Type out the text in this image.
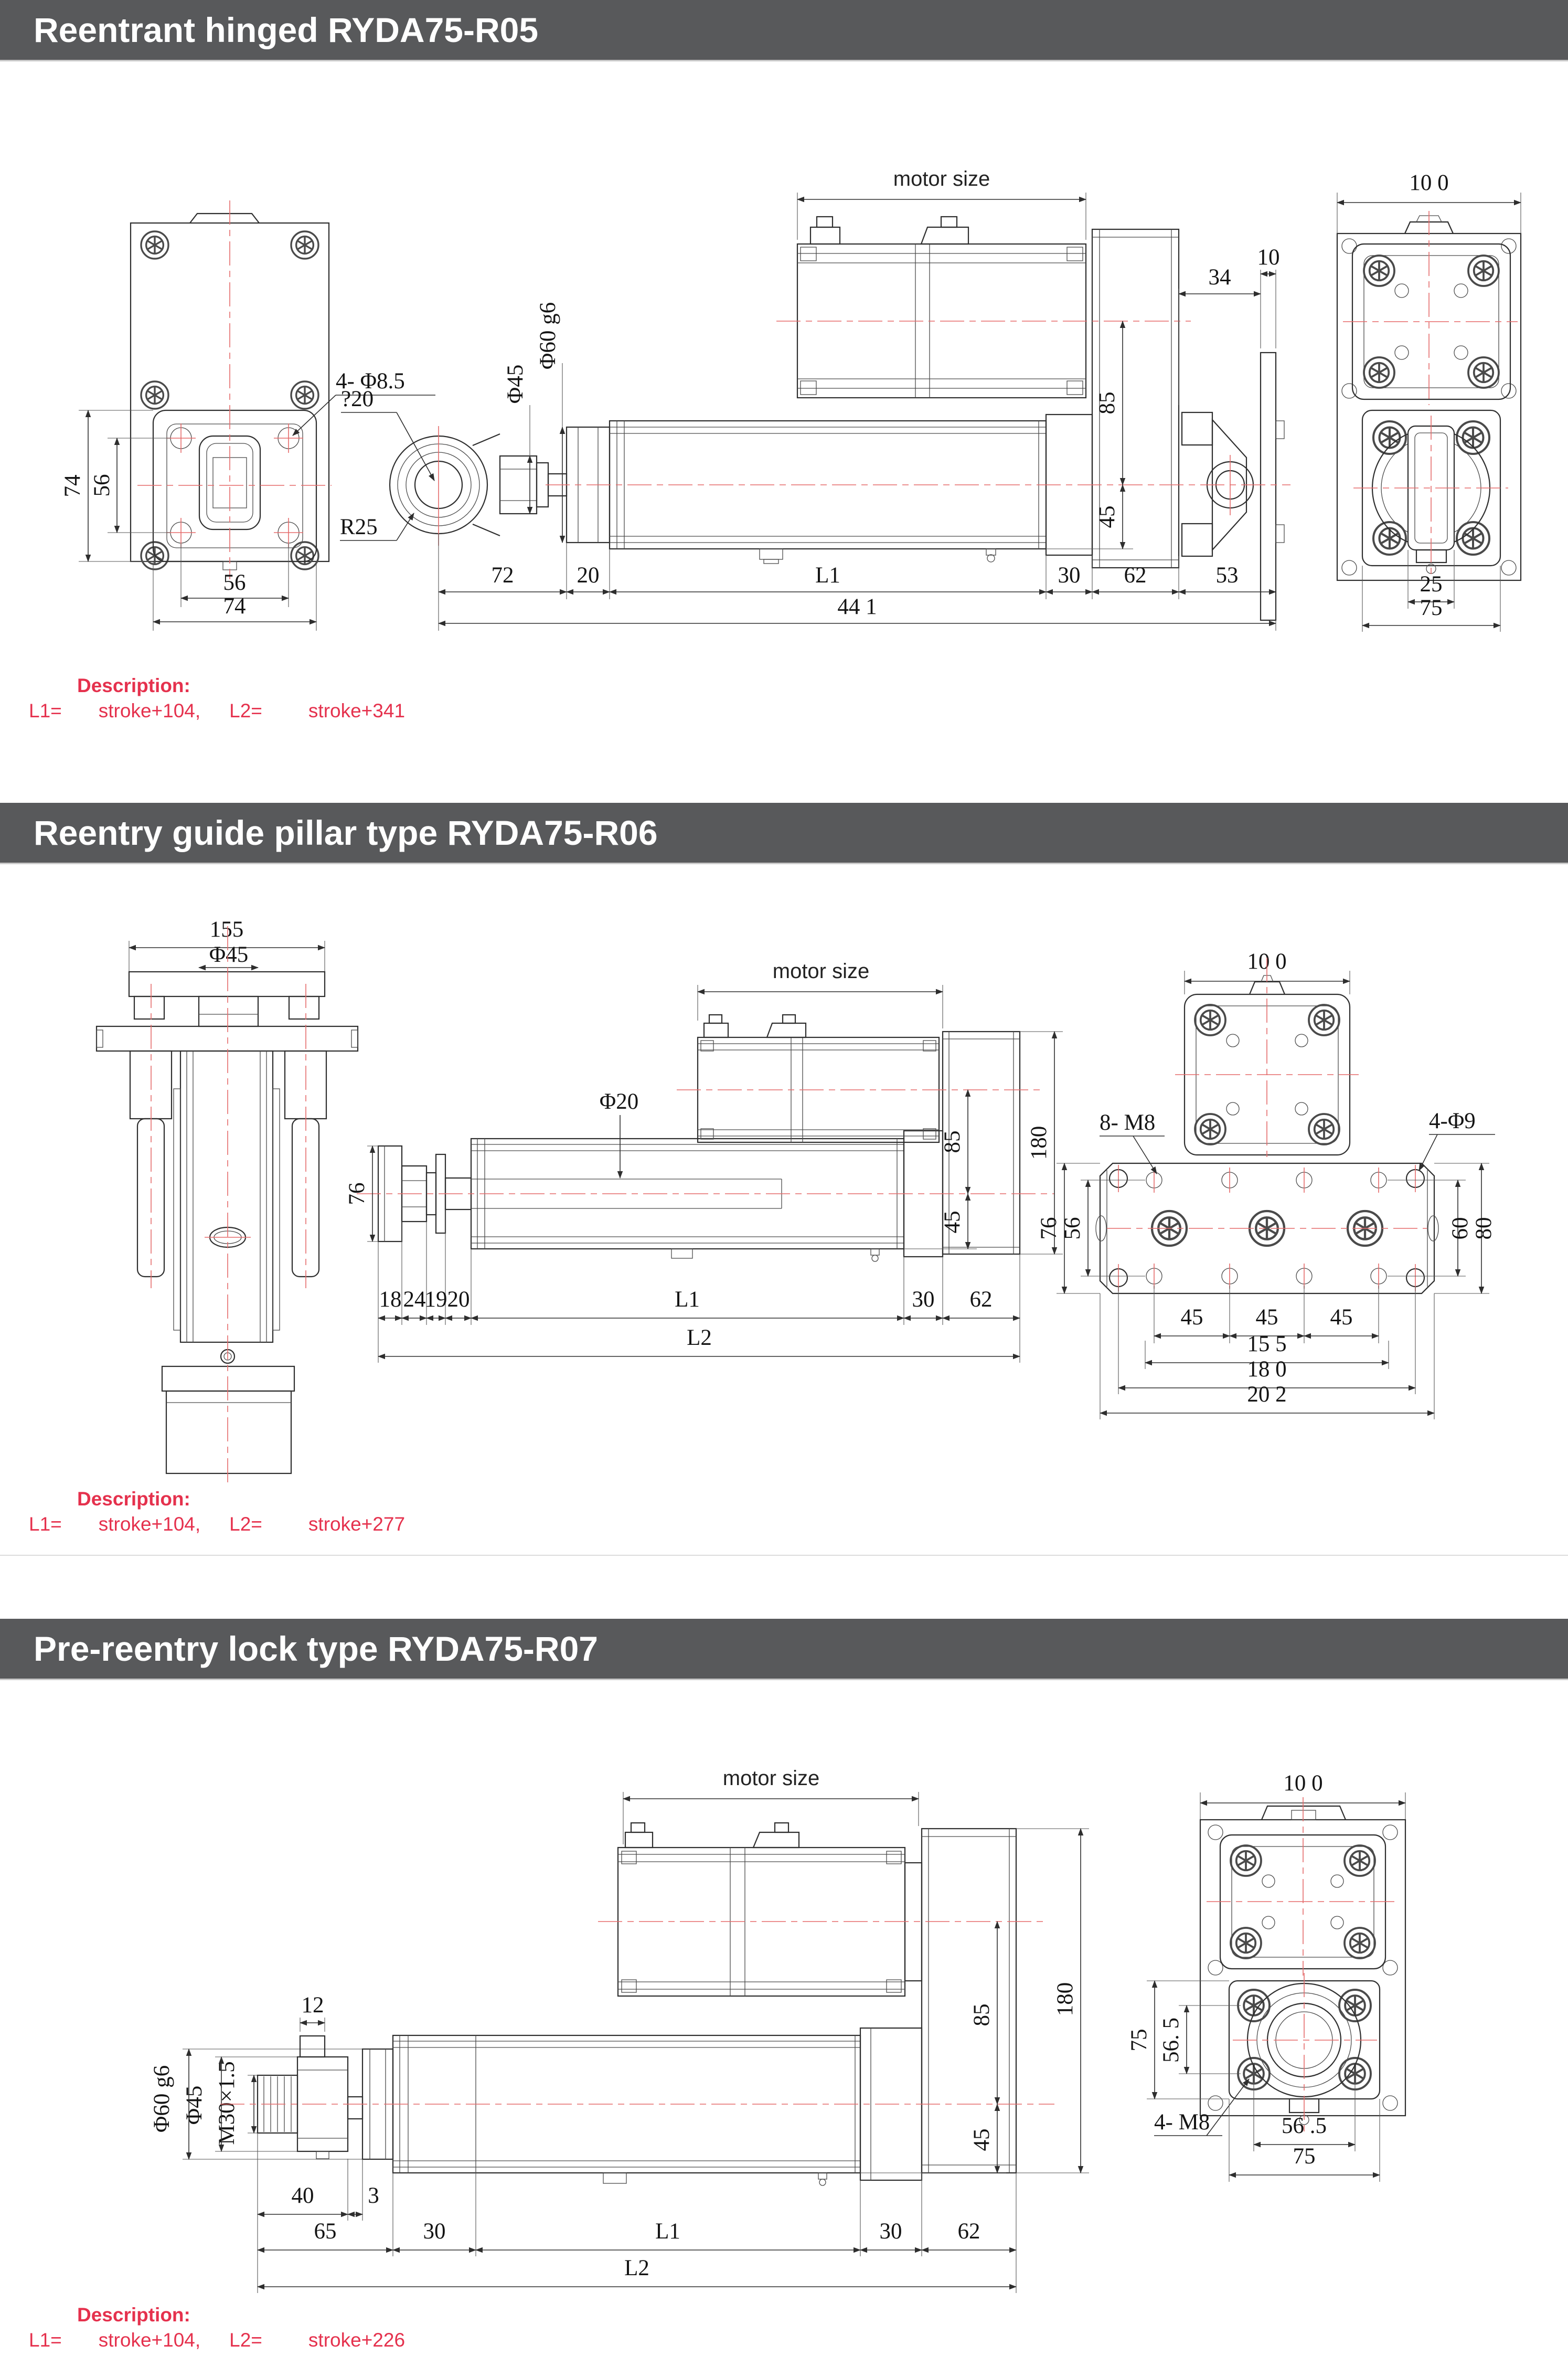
Reentrant hinged RYDA75-R05
74 56
56
74
4- Φ8.5
?20
R25
Φ45
Φ60 g6
motor size
85
45
34
10
72	20	L1	30 62	53
44 1
10 0
25
75
Description:
L1= stroke+104, L2= stroke+341
Reentry guide pillar type RYDA75-R06
155
Φ45
Φ20
motor size
76
85
45
180
18 24
19 20	L1	30 62
L2
10 0
8- M8	4-Φ9
76
56	60
80
45 45 45
15 5
18 0
20 2
Description:
L1= stroke+104, L2= stroke+277
Pre-reentry lock type RYDA75-R07
Φ60 g6 Φ45 M30×1.5
12
motor size
85
45
180
40 3
65	30	L1	30 62
L2
10 0
75 56. 5
4- M8	56 .5
75
Description:
L1= stroke+104, L2= stroke+226
